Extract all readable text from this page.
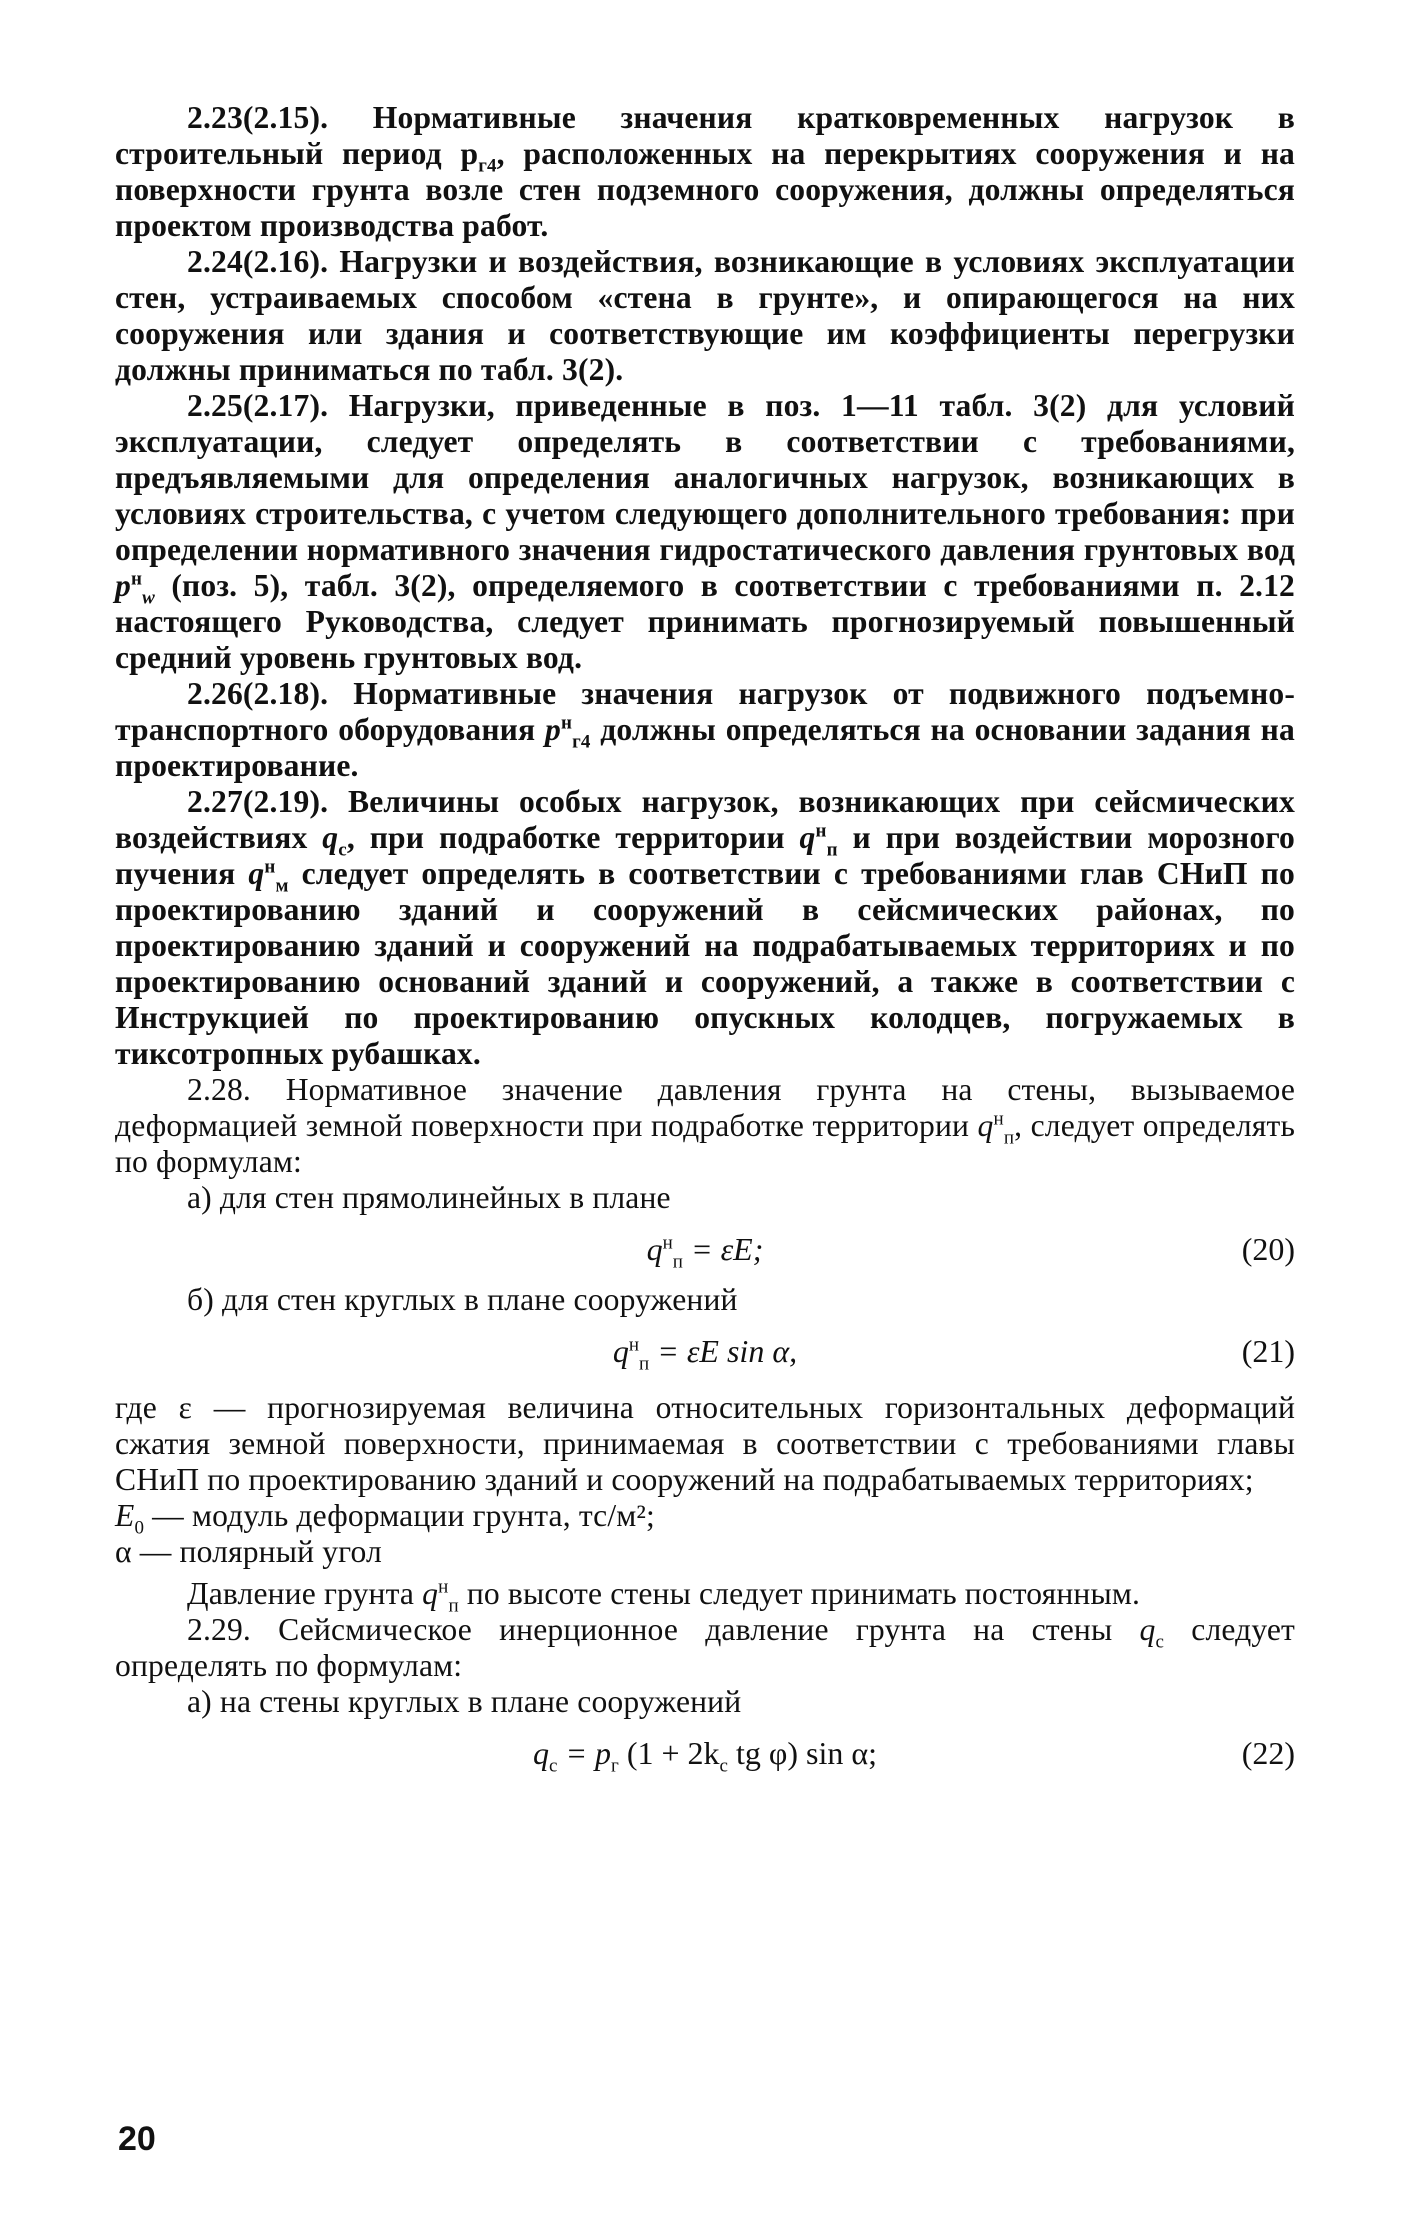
2.23(2.15). Нормативные значения кратковременных нагрузок в строительный период $p_{г4}$, расположенных на перекрытиях сооружения и на поверхности грунта возле стен подземного сооружения, должны определяться проектом производства работ.

2.24(2.16). Нагрузки и воздействия, возникающие в условиях эксплуатации стен, устраиваемых способом «стена в грунте», и опирающегося на них сооружения или здания и соответствующие им коэффициенты перегрузки должны приниматься по табл. 3(2).

2.25(2.17). Нагрузки, приведенные в поз. 1—11 табл. 3(2) для условий эксплуатации, следует определять в соответствии с требованиями, предъявляемыми для определения аналогичных нагрузок, возникающих в условиях строительства, с учетом следующего дополнительного требования: при определении нормативного значения гидростатического давления грунтовых вод $p^н_w$ (поз. 5), табл. 3(2), определяемого в соответствии с требованиями п. 2.12 настоящего Руководства, следует принимать прогнозируемый повышенный средний уровень грунтовых вод.

2.26(2.18). Нормативные значения нагрузок от подвижного подъемно-транспортного оборудования $p^н_{г4}$ должны определяться на основании задания на проектирование.

2.27(2.19). Величины особых нагрузок, возникающих при сейсмических воздействиях $q_c$, при подработке территории $q^н_п$ и при воздействии морозного пучения $q^н_м$ следует определять в соответствии с требованиями глав СНиП по проектированию зданий и сооружений в сейсмических районах, по проектированию зданий и сооружений на подрабатываемых территориях и по проектированию оснований зданий и сооружений, а также в соответствии с Инструкцией по проектированию опускных колодцев, погружаемых в тиксотропных рубашках.

2.28. Нормативное значение давления грунта на стены, вызываемое деформацией земной поверхности при подработке территории $q^н_п$, следует определять по формулам:

а) для стен прямолинейных в плане

$q^н_п = \varepsilon E$;	(20)

б) для стен круглых в плане сооружений

$q^н_п = \varepsilon E$ sin α,	(21)

где ε — прогнозируемая величина относительных горизонтальных деформаций сжатия земной поверхности, принимаемая в соответствии с требованиями главы СНиП по проектированию зданий и сооружений на подрабатываемых территориях;

$E_0$ — модуль деформации грунта, тс/м²;

α — полярный угол

Давление грунта $q^н_п$ по высоте стены следует принимать постоянным.

2.29. Сейсмическое инерционное давление грунта на стены $q_c$ следует определять по формулам:

а) на стены круглых в плане сооружений

$q_c = p_г$ ($1 + 2k_c$ tg φ) sin α;	(22)
20
